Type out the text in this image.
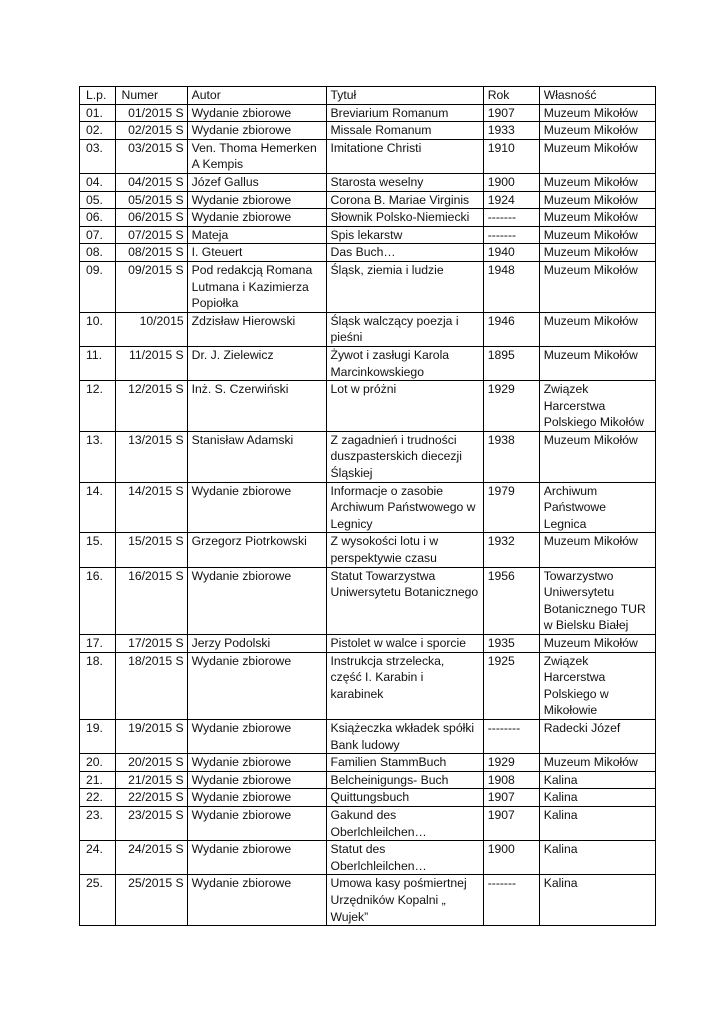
L.p.	Numer	Autor	Tytuł	Rok	Własność
01.	01/2015 S	Wydanie zbiorowe	Breviarium Romanum	1907	Muzeum Mikołów
02.	02/2015 S	Wydanie zbiorowe	Missale Romanum	1933	Muzeum Mikołów
03.	03/2015 S	Ven. Thoma Hemerken A Kempis	Imitatione Christi	1910	Muzeum Mikołów
04.	04/2015 S	Józef Gallus	Starosta weselny	1900	Muzeum Mikołów
05.	05/2015 S	Wydanie zbiorowe	Corona B. Mariae Virginis	1924	Muzeum Mikołów
06.	06/2015 S	Wydanie zbiorowe	Słownik Polsko-Niemiecki	-------	Muzeum Mikołów
07.	07/2015 S	Mateja	Spis lekarstw	-------	Muzeum Mikołów
08.	08/2015 S	I. Gteuert	Das Buch…	1940	Muzeum Mikołów
09.	09/2015 S	Pod redakcją Romana Lutmana i Kazimierza Popiołka	Śląsk, ziemia i ludzie	1948	Muzeum Mikołów
10.	10/2015	Zdzisław Hierowski	Śląsk walczący poezja i pieśni	1946	Muzeum Mikołów
11.	11/2015 S	Dr. J. Zielewicz	Żywot i zasługi Karola Marcinkowskiego	1895	Muzeum Mikołów
12.	12/2015 S	Inż. S. Czerwiński	Lot w próżni	1929	Związek Harcerstwa Polskiego Mikołów
13.	13/2015 S	Stanisław Adamski	Z zagadnień i trudności duszpasterskich diecezji Śląskiej	1938	Muzeum Mikołów
14.	14/2015 S	Wydanie zbiorowe	Informacje o zasobie Archiwum Państwowego w Legnicy	1979	Archiwum Państwowe Legnica
15.	15/2015 S	Grzegorz Piotrkowski	Z wysokości lotu i w perspektywie czasu	1932	Muzeum Mikołów
16.	16/2015 S	Wydanie zbiorowe	Statut Towarzystwa Uniwersytetu Botanicznego	1956	Towarzystwo Uniwersytetu Botanicznego TUR w Bielsku Białej
17.	17/2015 S	Jerzy Podolski	Pistolet w walce i sporcie	1935	Muzeum Mikołów
18.	18/2015 S	Wydanie zbiorowe	Instrukcja strzelecka, część I. Karabin i karabinek	1925	Związek Harcerstwa Polskiego w Mikołowie
19.	19/2015 S	Wydanie zbiorowe	Książeczka wkładek spółki Bank ludowy	--------	Radecki Józef
20.	20/2015 S	Wydanie zbiorowe	Familien StammBuch	1929	Muzeum Mikołów
21.	21/2015 S	Wydanie zbiorowe	Belcheinigungs- Buch	1908	Kalina
22.	22/2015 S	Wydanie zbiorowe	Quittungsbuch	1907	Kalina
23.	23/2015 S	Wydanie zbiorowe	Gakund des Oberlchleilchen…	1907	Kalina
24.	24/2015 S	Wydanie zbiorowe	Statut des Oberlchleilchen…	1900	Kalina
25.	25/2015 S	Wydanie zbiorowe	Umowa kasy pośmiertnej Urzędników Kopalni „ Wujek”	-------	Kalina
